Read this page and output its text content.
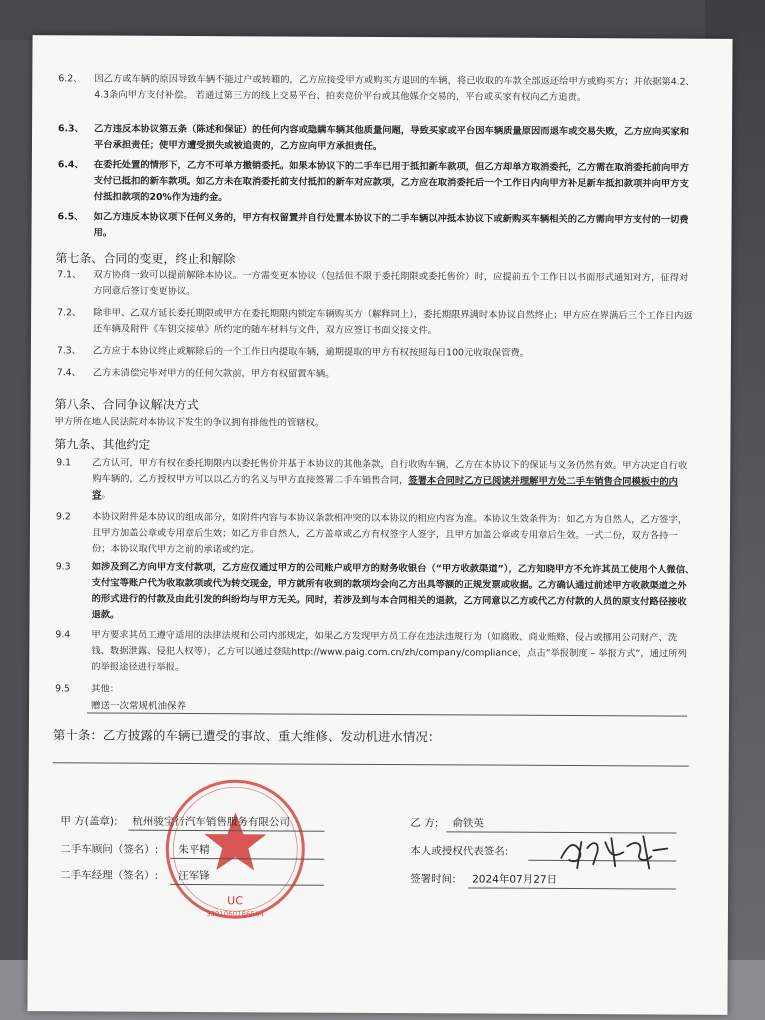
6.2、	因乙方或车辆的原因导致车辆不能过户或转籍的，乙方应接受甲方或购买方退回的车辆，将已收取的车款全部返还给甲方或购买方；并依据第4.2、4.3条向甲方支付补偿。 若通过第三方的线上交易平台、拍卖竞价平台或其他媒介交易的，平台或买家有权向乙方追责。
6.3、	乙方违反本协议第五条（陈述和保证）的任何内容或隐瞒车辆其他质量问题，导致买家或平台因车辆质量原因而退车或交易失败，乙方应向买家和平台承担责任；使甲方遭受损失或被追责的，乙方应向甲方承担责任。
6.4、	在委托处置的情形下，乙方不可单方撤销委托。如果本协议下的二手车已用于抵扣新车款项，但乙方却单方取消委托，乙方需在取消委托前向甲方支付已抵扣的新车款项。如乙方未在取消委托前支付抵扣的新车对应款项，乙方应在取消委托后一个工作日内向甲方补足新车抵扣款项并向甲方支付抵扣款项的20%作为违约金。
6.5、	如乙方违反本协议项下任何义务的，甲方有权留置并自行处置本协议下的二手车辆以冲抵本协议下或新购买车辆相关的乙方需向甲方支付的一切费用。
第七条、合同的变更，终止和解除
7.1、	双方协商一致可以提前解除本协议。一方需变更本协议（包括但不限于委托期限或委托售价）时，应提前五个工作日以书面形式通知对方，征得对方同意后签订变更协议。
7.2、	除非甲、乙双方延长委托期限或甲方在委托期限内锁定车辆购买方（解释同上），委托期限界满时本协议自然终止；甲方应在界满后三个工作日内返还车辆及附件《车钥交接单》所约定的随车材料与文件，双方应签订书面交接文件。
7.3、	乙方应于本协议终止或解除后的一个工作日内提取车辆，逾期提取的甲方有权按照每日100元收取保管费。
7.4、	乙方未清偿完毕对甲方的任何欠款前，甲方有权留置车辆。
第八条、合同争议解决方式
甲方所在地人民法院对本协议下发生的争议拥有排他性的管辖权。
第九条、其他约定
9.1	乙方认可，甲方有权在委托期限内以委托售价并基于本协议的其他条款，自行收购车辆，乙方在本协议下的保证与义务仍然有效。甲方决定自行收购车辆的，乙方授权甲方可以以乙方的名义与甲方直接签署二手车销售合同，签署本合同时乙方已阅读并理解甲方处二手车销售合同模板中的内容。
9.2	本协议附件是本协议的组成部分，如附件内容与本协议条款相冲突的以本协议的相应内容为准。本协议生效条件为：如乙方为自然人，乙方签字，且甲方加盖公章或专用章后生效；如乙方非自然人，乙方盖章或乙方有权签字人签字，且甲方加盖公章或专用章后生效。一式二份，双方各持一份；本协议取代甲方之前的承诺或约定。
9.3	如涉及到乙方向甲方支付款项，乙方应仅通过甲方的公司账户或甲方的财务收银台（“甲方收款渠道”），乙方知晓甲方不允许其员工使用个人微信、支付宝等账户代为收取款项或代为转交现金，甲方就所有收到的款项均会向乙方出具等额的正规发票或收据。乙方确认通过前述甲方收款渠道之外的形式进行的付款及由此引发的纠纷均与甲方无关。同时，若涉及到与本合同相关的退款，乙方同意以乙方或代乙方付款的人员的原支付路径接收退款。
9.4	甲方要求其员工遵守适用的法律法规和公司内部规定，如果乙方发现甲方员工存在违法违规行为（如腐败、商业贿赂、侵占或挪用公司财产、洗钱、数据泄露、侵犯人权等），乙方可以通过登陆http://www.paig.com.cn/zh/company/compliance，点击“举报制度 – 举报方式”，通过所列的举报途径进行举报。
9.5	其他：
赠送一次常规机油保养
第十条：乙方披露的车辆已遭受的事故、重大维修、发动机进水情况：
UC
3301060186564
甲 方(盖章): 杭州骏宝行汽车销售服务有限公司
二手车顾问（签名）: 朱平精
二手车经理（签名）: 汪军锋
乙 方: 俞铁英
本人或授权代表签名:
签署时间: 2024年07月27日
